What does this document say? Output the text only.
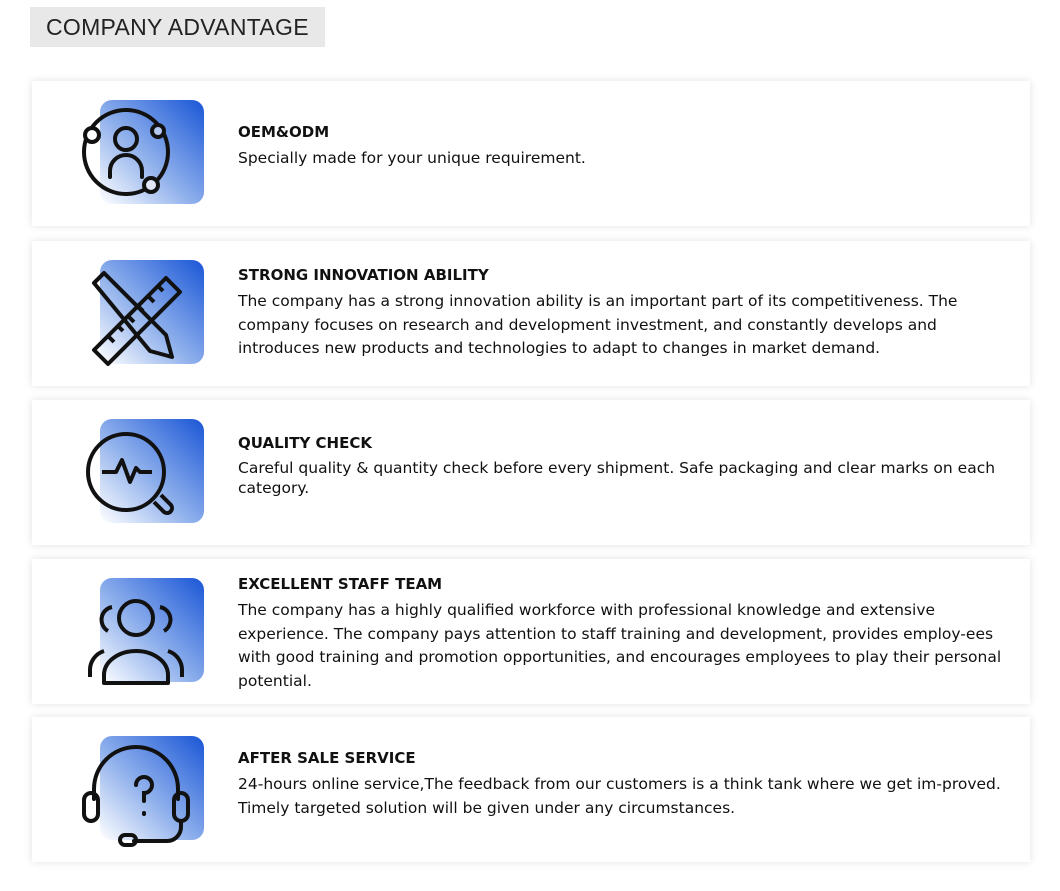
COMPANY ADVANTAGE
OEM&ODM
Specially made for your unique requirement.
STRONG INNOVATION ABILITY
The company has a strong innovation ability is an important part of its competitiveness. The company focuses on research and development investment, and constantly develops and introduces new products and technologies to adapt to changes in market demand.
QUALITY CHECK
Careful quality & quantity check before every shipment. Safe packaging and clear marks on each category.
EXCELLENT STAFF TEAM
The company has a highly qualified workforce with professional knowledge and extensive experience. The company pays attention to staff training and development, provides employ-ees with good training and promotion opportunities, and encourages employees to play their personal potential.
AFTER SALE SERVICE
24-hours online service,The feedback from our customers is a think tank where we get im-proved. Timely targeted solution will be given under any circumstances.
